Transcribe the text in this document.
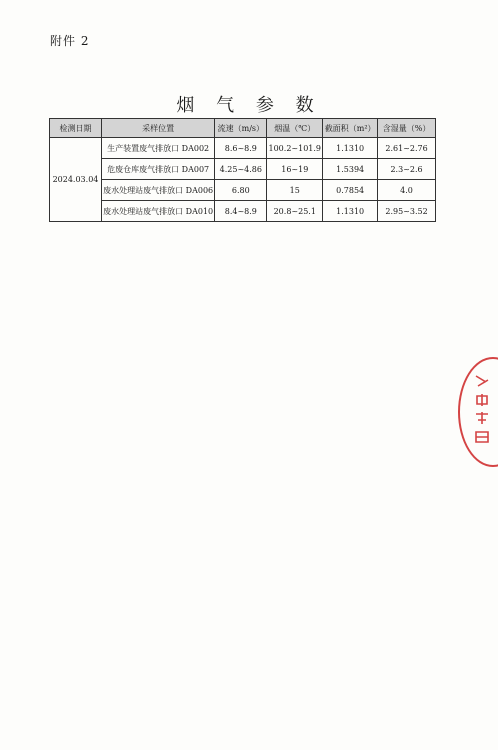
附件 2
烟 气 参 数
检测日期	采样位置	流速（m/s）	烟温（℃）	截面积（m²）	含湿量（%）
2024.03.04	生产装置废气排放口 DA002	8.6~8.9	100.2~101.9	1.1310	2.61~2.76
	危废仓库废气排放口 DA007	4.25~4.86	16~19	1.5394	2.3~2.6
	废水处理站废气排放口 DA006	6.80	15	0.7854	4.0
	废水处理站废气排放口 DA010	8.4~8.9	20.8~25.1	1.1310	2.95~3.52
